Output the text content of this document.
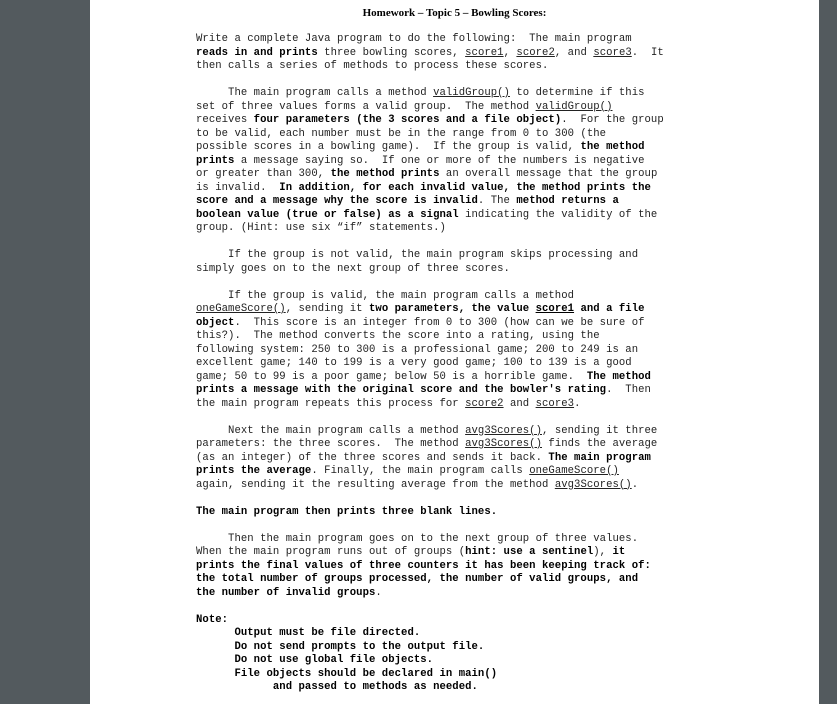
Homework – Topic 5 – Bowling Scores:
Write a complete Java program to do the following:  The main program
reads in and prints three bowling scores, score1, score2, and score3.  It
then calls a series of methods to process these scores.
The main program calls a method validGroup() to determine if this
set of three values forms a valid group.  The method validGroup()
receives four parameters (the 3 scores and a file object).  For the group
to be valid, each number must be in the range from 0 to 300 (the
possible scores in a bowling game).  If the group is valid, the method
prints a message saying so.  If one or more of the numbers is negative
or greater than 300, the method prints an overall message that the group
is invalid.  In addition, for each invalid value, the method prints the
score and a message why the score is invalid. The method returns a
boolean value (true or false) as a signal indicating the validity of the
group. (Hint: use six “if” statements.)
If the group is not valid, the main program skips processing and
simply goes on to the next group of three scores.
If the group is valid, the main program calls a method
oneGameScore(), sending it two parameters, the value score1 and a file
object.  This score is an integer from 0 to 300 (how can we be sure of
this?).  The method converts the score into a rating, using the
following system: 250 to 300 is a professional game; 200 to 249 is an
excellent game; 140 to 199 is a very good game; 100 to 139 is a good
game; 50 to 99 is a poor game; below 50 is a horrible game.  The method
prints a message with the original score and the bowler's rating.  Then
the main program repeats this process for score2 and score3.
Next the main program calls a method avg3Scores(), sending it three
parameters: the three scores.  The method avg3Scores() finds the average
(as an integer) of the three scores and sends it back. The main program
prints the average. Finally, the main program calls oneGameScore()
again, sending it the resulting average from the method avg3Scores().
The main program then prints three blank lines.
Then the main program goes on to the next group of three values.
When the main program runs out of groups (hint: use a sentinel), it
prints the final values of three counters it has been keeping track of:
the total number of groups processed, the number of valid groups, and
the number of invalid groups.
Note:
Output must be file directed.
Do not send prompts to the output file.
Do not use global file objects.
File objects should be declared in main()
and passed to methods as needed.
